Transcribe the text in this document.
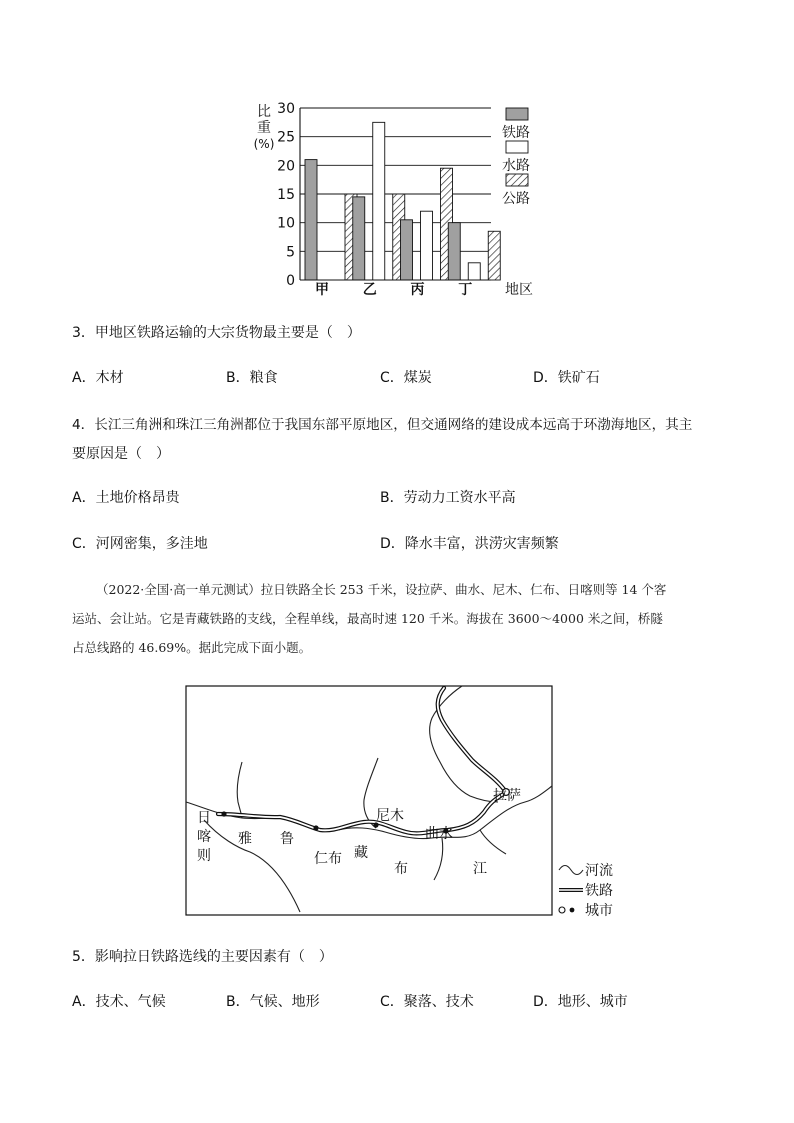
0
5
10
15
20
25
30
比
重
(%)
甲 乙 丙 丁 地区
铁路
水路
公路
3．甲地区铁路运输的大宗货物最主要是（　）
A．木材	B．粮食	C．煤炭	D．铁矿石
4．长江三角洲和珠江三角洲都位于我国东部平原地区，但交通网络的建设成本远高于环渤海地区，其主
要原因是（　）
A．土地价格昂贵	B．劳动力工资水平高
C．河网密集，多洼地	D．降水丰富，洪涝灾害频繁
（2022·全国·高一单元测试）拉日铁路全长 253 千米，设拉萨、曲水、尼木、仁布、日喀则等 14 个客
运站、会让站。它是青藏铁路的支线，全程单线，最高时速 120 千米。海拔在 3600～4000 米之间，桥隧
占总线路的 46.69%。据此完成下面小题。
拉萨
曲水
尼木
仁布
日
喀
则
雅 鲁
藏
布	江	河流
铁路
城市
5．影响拉日铁路选线的主要因素有（　）
A．技术、气候	B．气候、地形	C．聚落、技术	D．地形、城市
